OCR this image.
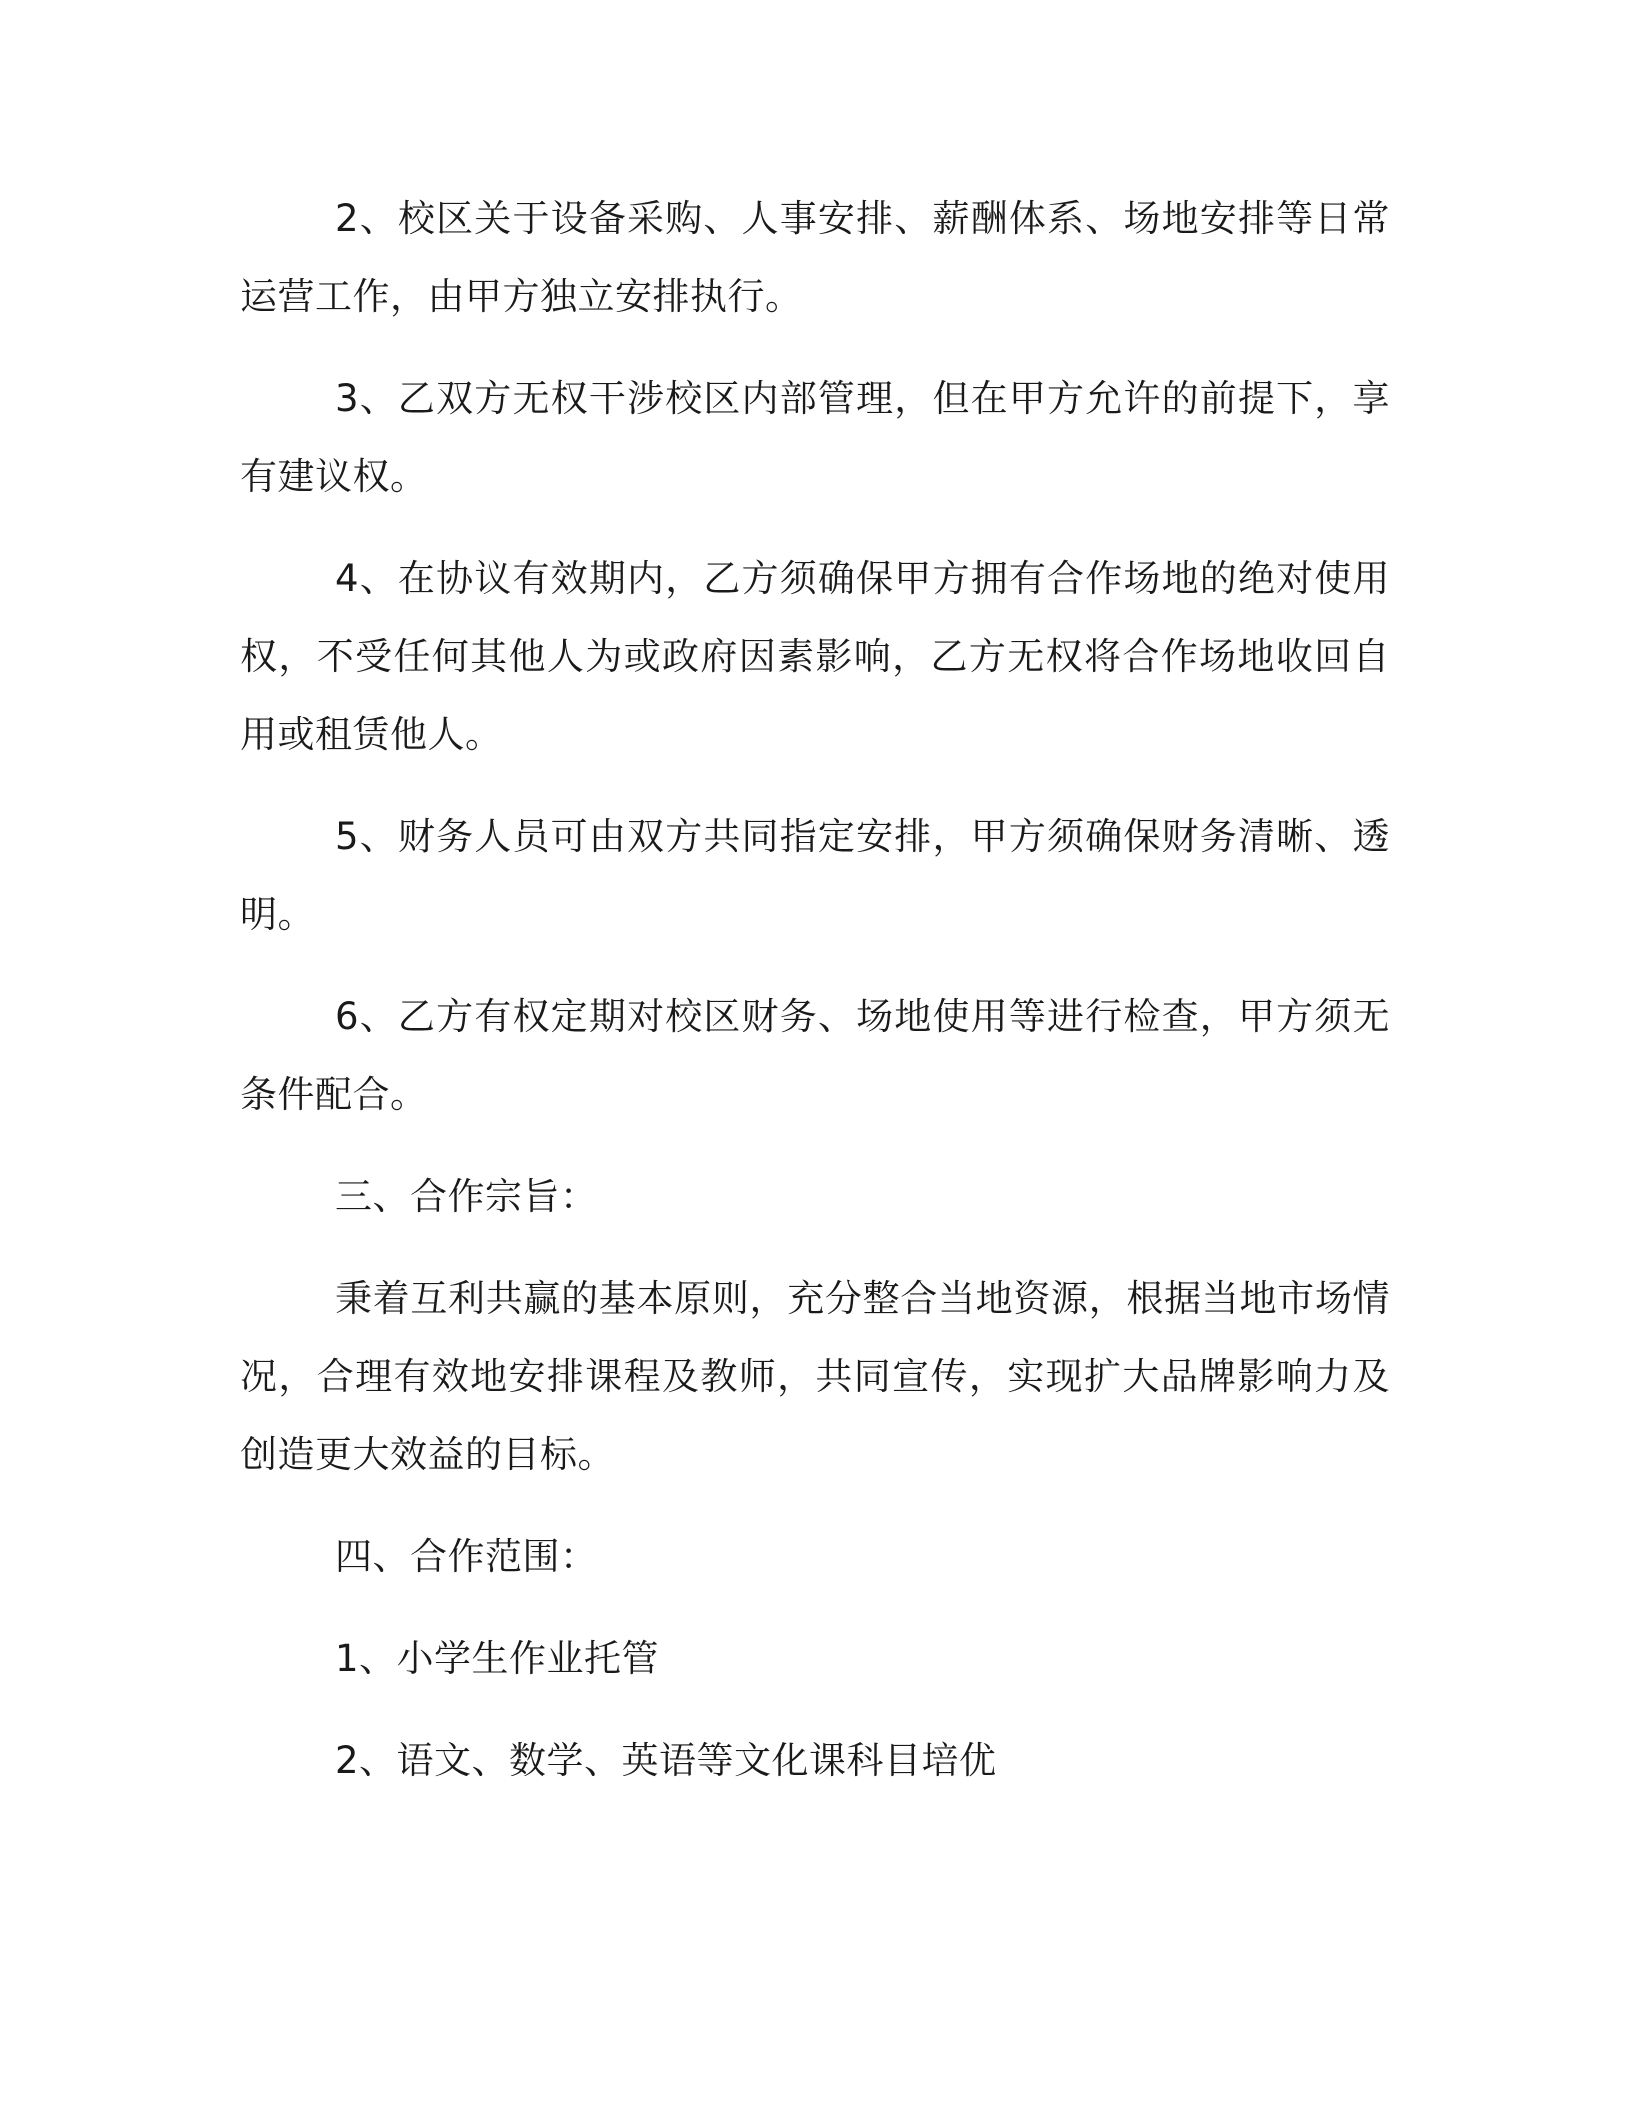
2、校区关于设备采购、人事安排、薪酬体系、场地安排等日常运营工作，由甲方独立安排执行。

3、乙双方无权干涉校区内部管理，但在甲方允许的前提下，享有建议权。

4、在协议有效期内，乙方须确保甲方拥有合作场地的绝对使用权，不受任何其他人为或政府因素影响，乙方无权将合作场地收回自用或租赁他人。

5、财务人员可由双方共同指定安排，甲方须确保财务清晰、透明。

6、乙方有权定期对校区财务、场地使用等进行检查，甲方须无条件配合。

三、合作宗旨：

秉着互利共赢的基本原则，充分整合当地资源，根据当地市场情况，合理有效地安排课程及教师，共同宣传，实现扩大品牌影响力及创造更大效益的目标。

四、合作范围：

1、小学生作业托管

2、语文、数学、英语等文化课科目培优
